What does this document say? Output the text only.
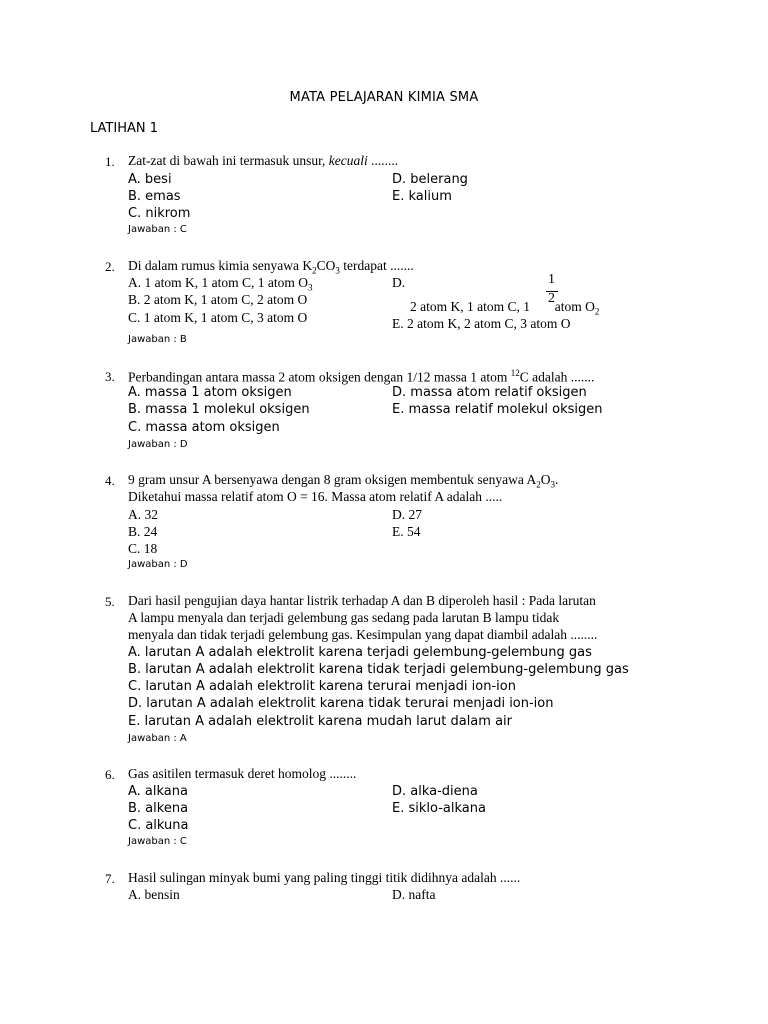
MATA PELAJARAN KIMIA SMA
LATIHAN 1
1. Zat-zat di bawah ini termasuk unsur, kecuali ........
A. besi
B. emas
C. nikrom
D. belerang
E. kalium
Jawaban : C
2. Di dalam rumus kimia senyawa $K_2CO_3$ terdapat .......
A. 1 atom K, 1 atom C, 1 atom $O_3$
B. 2 atom K, 1 atom C, 2 atom O
C. 1 atom K, 1 atom C, 3 atom O
D.	1
2
2 atom K, 1 atom C, 1  atom $O_2$
E. 2 atom K, 2 atom C, 3 atom O
Jawaban : B
3. Perbandingan antara massa 2 atom oksigen dengan 1/12 massa 1 atom $^{12}$C adalah .......
A. massa 1 atom oksigen
B. massa 1 molekul oksigen
C. massa atom oksigen
D. massa atom relatif oksigen
E. massa relatif molekul oksigen
Jawaban : D
4. 9 gram unsur A bersenyawa dengan 8 gram oksigen membentuk senyawa $A_2O_3$.
Diketahui massa relatif atom O = 16. Massa atom relatif A adalah .....
A. 32
B. 24
C. 18
D. 27
E. 54
Jawaban : D
5. Dari hasil pengujian daya hantar listrik terhadap A dan B diperoleh hasil : Pada larutan
A lampu menyala dan terjadi gelembung gas sedang pada larutan B lampu tidak
menyala dan tidak terjadi gelembung gas. Kesimpulan yang dapat diambil adalah ........
A. larutan A adalah elektrolit karena terjadi gelembung-gelembung gas
B. larutan A adalah elektrolit karena tidak terjadi gelembung-gelembung gas
C. larutan A adalah elektrolit karena terurai menjadi ion-ion
D. larutan A adalah elektrolit karena tidak terurai menjadi ion-ion
E. larutan A adalah elektrolit karena mudah larut dalam air
Jawaban : A
6. Gas asitilen termasuk deret homolog ........
A. alkana
B. alkena
C. alkuna
D. alka-diena
E. siklo-alkana
Jawaban : C
7. Hasil sulingan minyak bumi yang paling tinggi titik didihnya adalah ......
A. bensin	D. nafta
